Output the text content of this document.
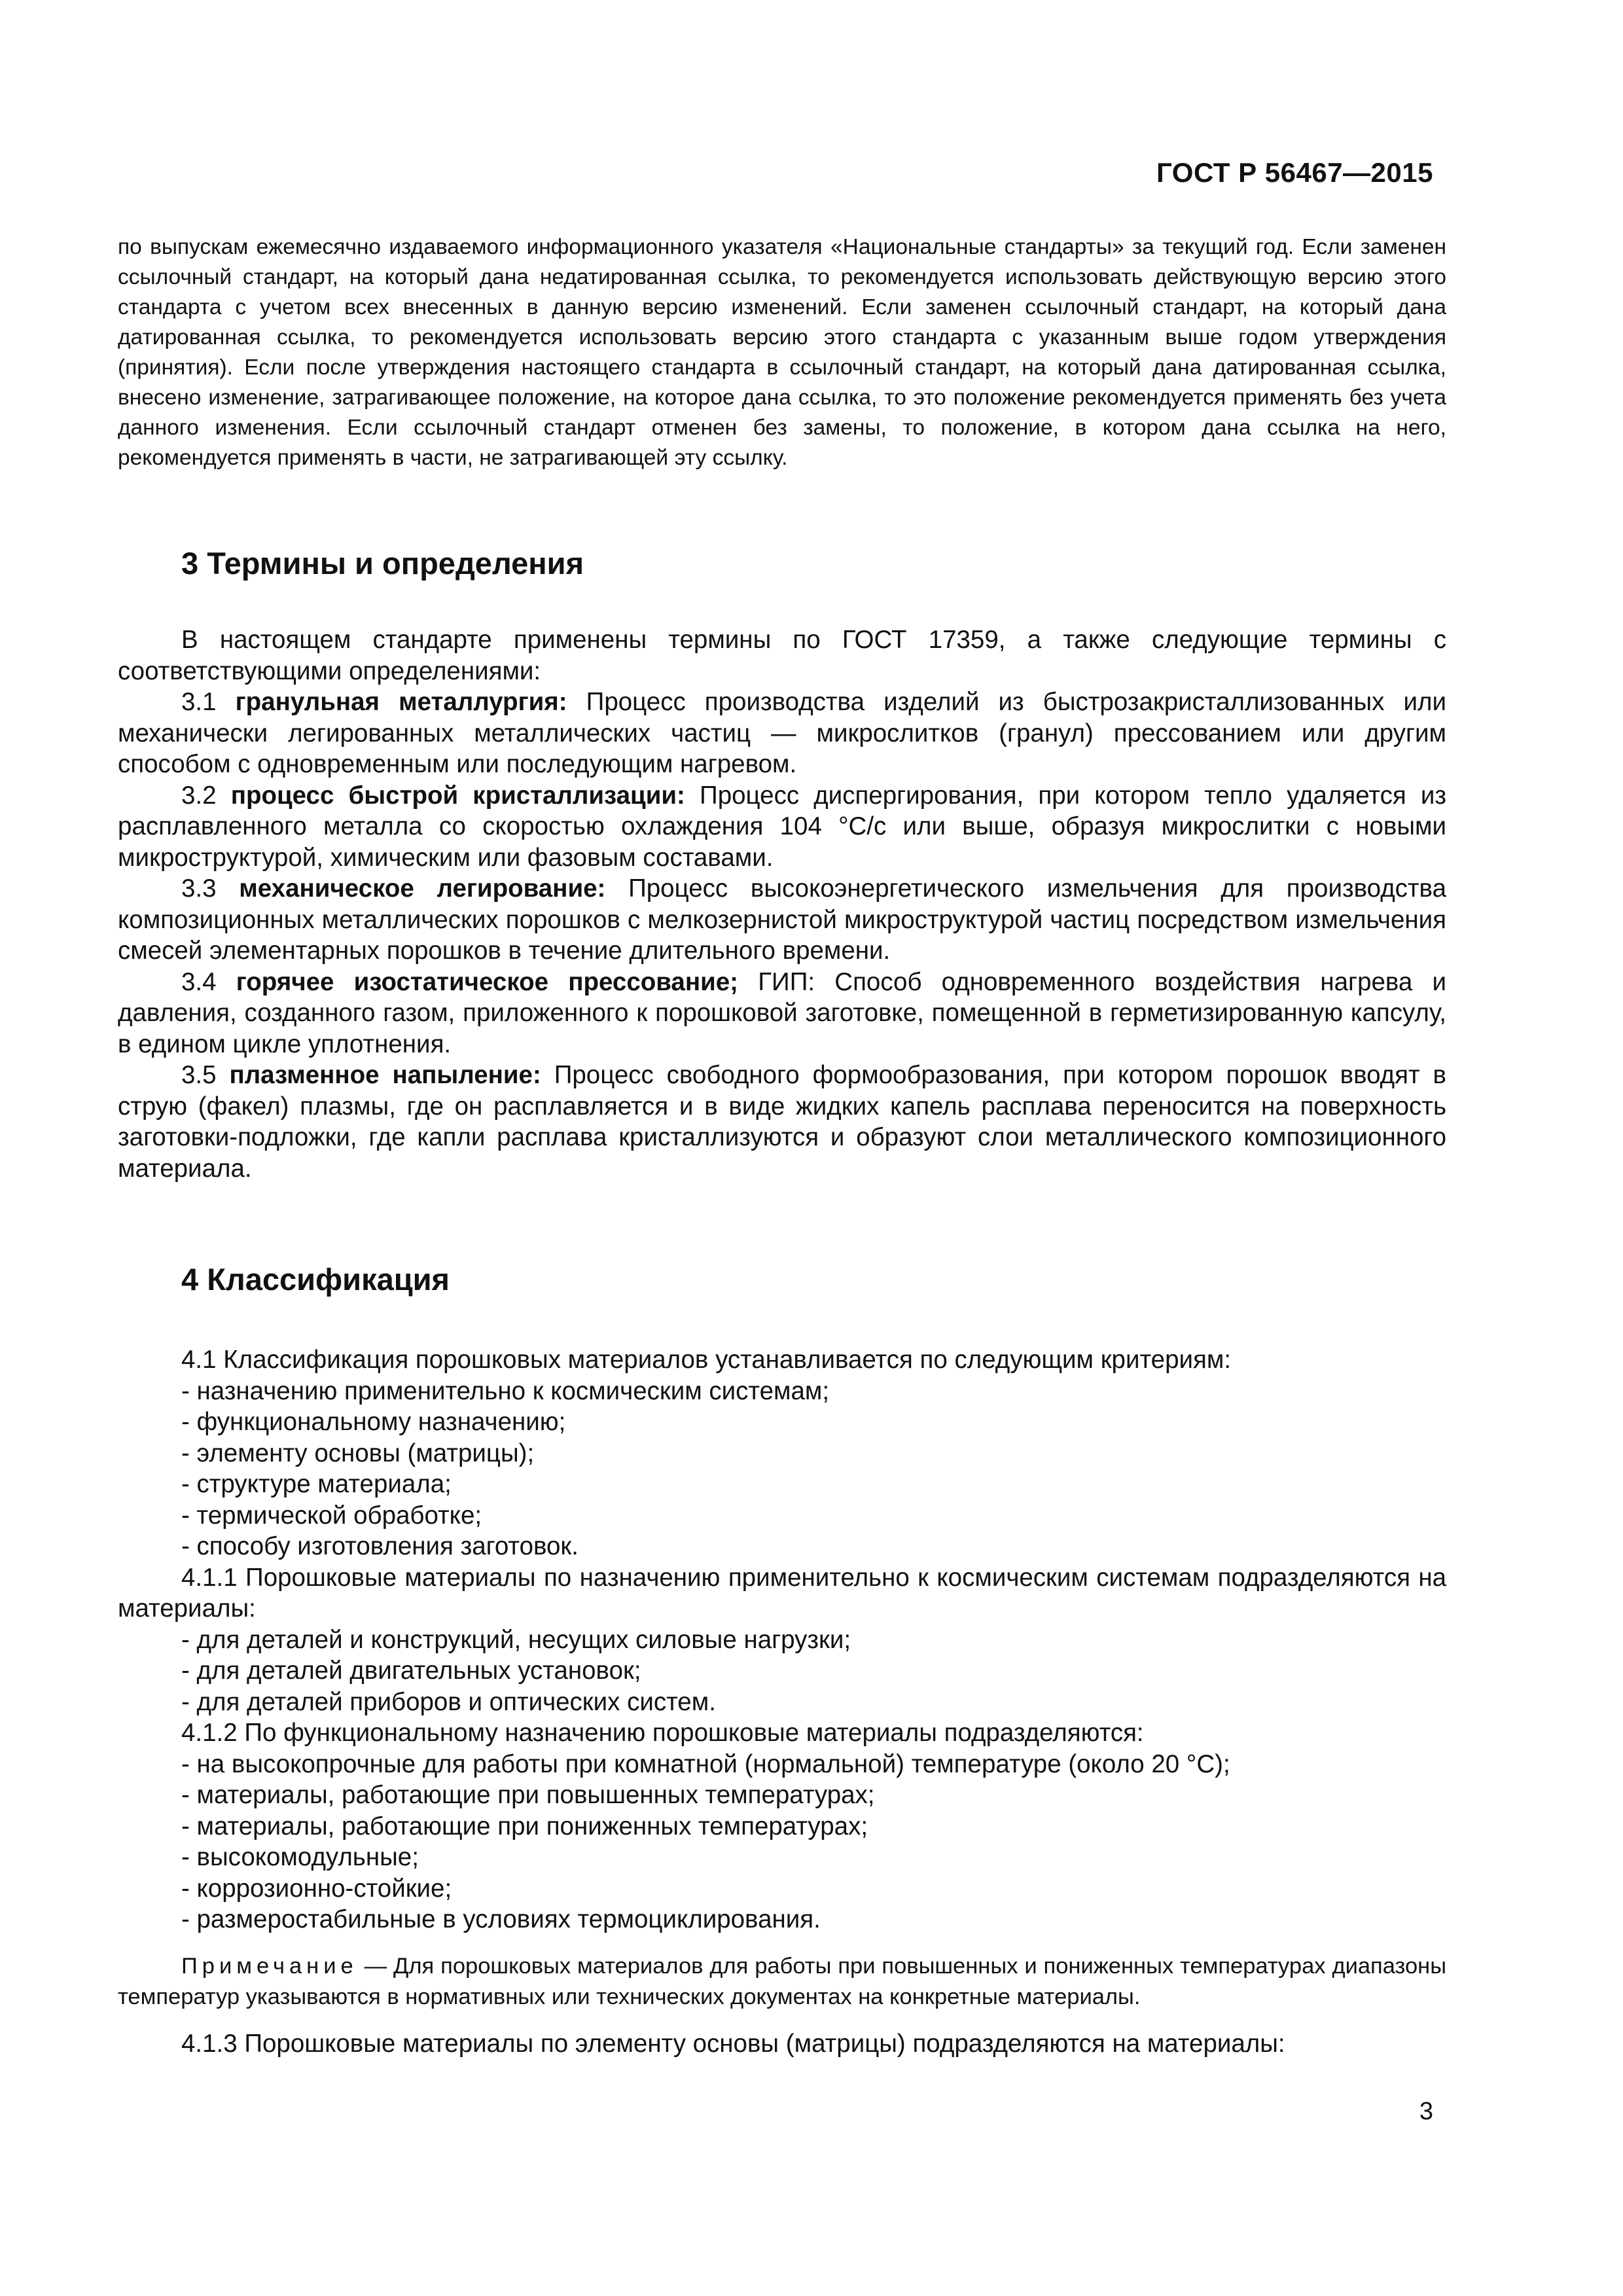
ГОСТ Р 56467—2015

по выпускам ежемесячно издаваемого информационного указателя «Национальные стандарты» за текущий год. Если заменен ссылочный стандарт, на который дана недатированная ссылка, то рекомендуется использовать действующую версию этого стандарта с учетом всех внесенных в данную версию изменений. Если заменен ссылочный стандарт, на который дана датированная ссылка, то рекомендуется использовать версию этого стандарта с указанным выше годом утверждения (принятия). Если после утверждения настоящего стандарта в ссылочный стандарт, на который дана датированная ссылка, внесено изменение, затрагивающее положение, на которое дана ссылка, то это положение рекомендуется применять без учета данного изменения. Если ссылочный стандарт отменен без замены, то положение, в котором дана ссылка на него, рекомендуется применять в части, не затрагивающей эту ссылку.

3 Термины и определения

В настоящем стандарте применены термины по ГОСТ 17359, а также следующие термины с соответствующими определениями:

3.1 гранульная металлургия: Процесс производства изделий из быстрозакристаллизованных или механически легированных металлических частиц — микрослитков (гранул) прессованием или другим способом с одновременным или последующим нагревом.

3.2 процесс быстрой кристаллизации: Процесс диспергирования, при котором тепло удаляется из расплавленного металла со скоростью охлаждения 104 °С/с или выше, образуя микрослитки с новыми микроструктурой, химическим или фазовым составами.

3.3 механическое легирование: Процесс высокоэнергетического измельчения для производства композиционных металлических порошков с мелкозернистой микроструктурой частиц посредством измельчения смесей элементарных порошков в течение длительного времени.

3.4 горячее изостатическое прессование; ГИП: Способ одновременного воздействия нагрева и давления, созданного газом, приложенного к порошковой заготовке, помещенной в герметизированную капсулу, в едином цикле уплотнения.

3.5 плазменное напыление: Процесс свободного формообразования, при котором порошок вводят в струю (факел) плазмы, где он расплавляется и в виде жидких капель расплава переносится на поверхность заготовки-подложки, где капли расплава кристаллизуются и образуют слои металлического композиционного материала.

4 Классификация

4.1 Классификация порошковых материалов устанавливается по следующим критериям:

- назначению применительно к космическим системам;

- функциональному назначению;

- элементу основы (матрицы);

- структуре материала;

- термической обработке;

- способу изготовления заготовок.

4.1.1 Порошковые материалы по назначению применительно к космическим системам подразделяются на материалы:

- для деталей и конструкций, несущих силовые нагрузки;

- для деталей двигательных установок;

- для деталей приборов и оптических систем.

4.1.2 По функциональному назначению порошковые материалы подразделяются:

- на высокопрочные для работы при комнатной (нормальной) температуре (около 20 °С);

- материалы, работающие при повышенных температурах;

- материалы, работающие при пониженных температурах;

- высокомодульные;

- коррозионно-стойкие;

- размеростабильные в условиях термоциклирования.

Примечание — Для порошковых материалов для работы при повышенных и пониженных температурах диапазоны температур указываются в нормативных или технических документах на конкретные материалы.

4.1.3 Порошковые материалы по элементу основы (матрицы) подразделяются на материалы:

3
